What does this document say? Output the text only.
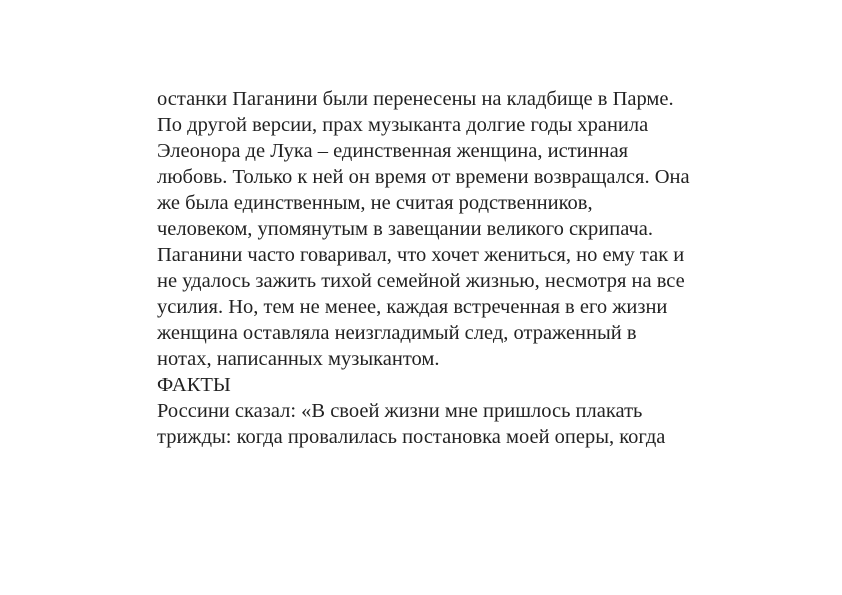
останки Паганини были перенесены на кладбище в Парме.
По другой версии, прах музыканта долгие годы хранила
Элеонора де Лука – единственная женщина, истинная
любовь. Только к ней он время от времени возвращался. Она
же была единственным, не считая родственников,
человеком, упомянутым в завещании великого скрипача.
Паганини часто говаривал, что хочет жениться, но ему так и
не удалось зажить тихой семейной жизнью, несмотря на все
усилия. Но, тем не менее, каждая встреченная в его жизни
женщина оставляла неизгладимый след, отраженный в
нотах, написанных музыкантом.
ФАКТЫ
Россини сказал: «В своей жизни мне пришлось плакать
трижды: когда провалилась постановка моей оперы, когда
